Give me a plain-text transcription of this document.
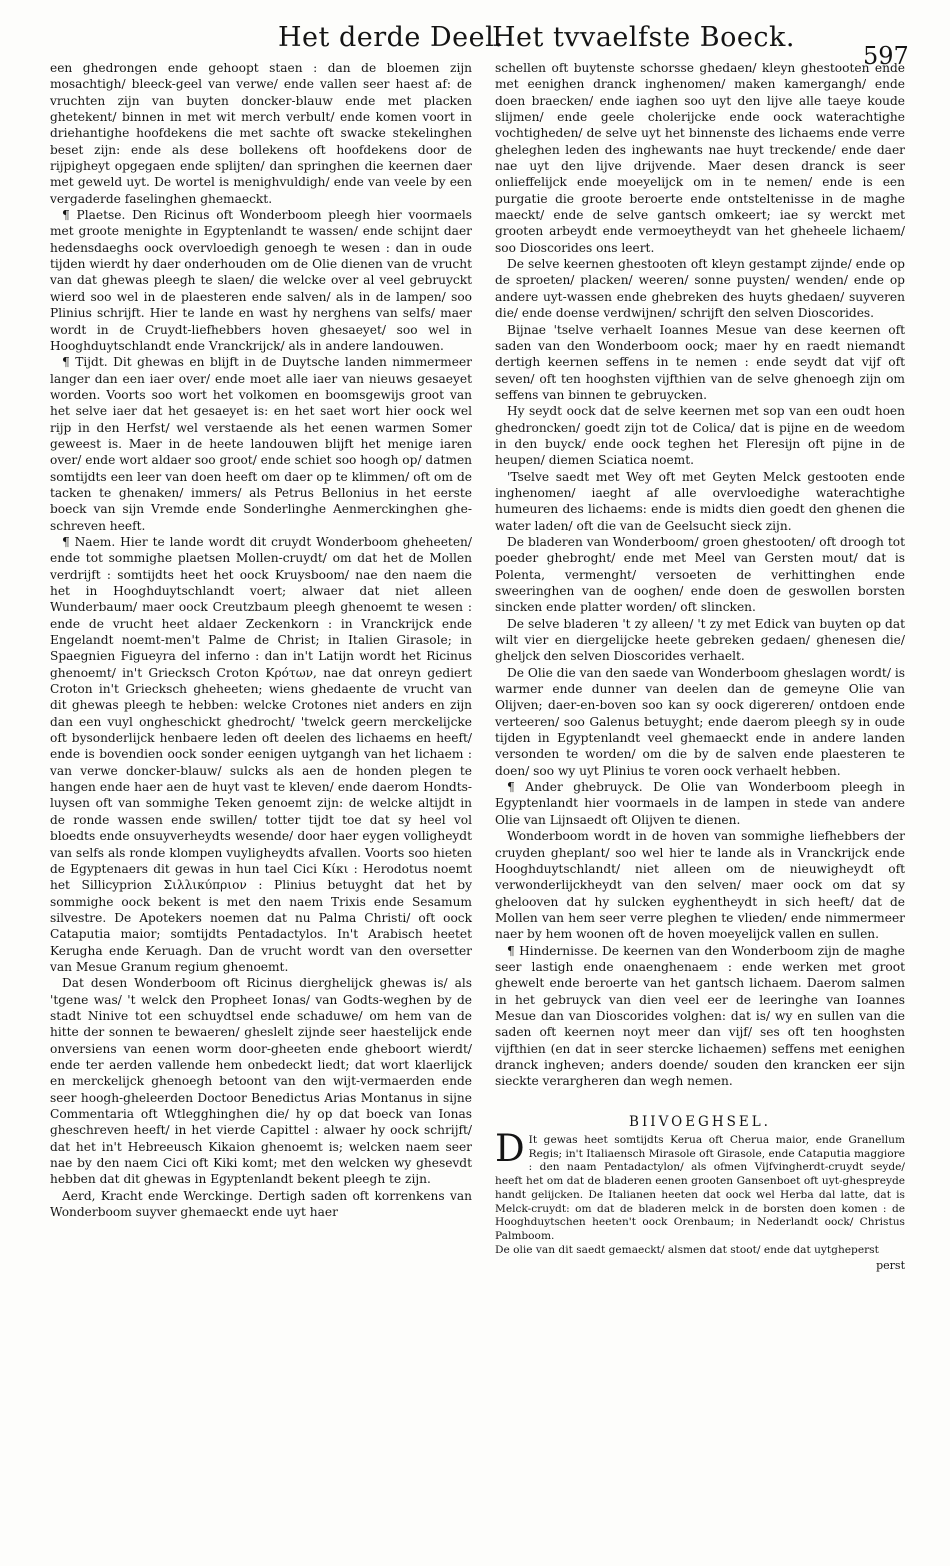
Het derde Deel.
Het tvvaelfste Boeck.
597

een ghedrongen ende gehoopt staen : dan de bloemen zijn mosachtigh/ bleeck-geel van verwe/ ende vallen seer haest af: de vruchten zijn van buyten doncker-blauw ende met placken ghetekent/ binnen in met wit merch verbult/ ende komen voort in driehantighe hoofdekens die met sachte oft swacke stekelinghen beset zijn: ende als dese bollekens oft hoofdekens door de rijpigheyt opgegaen ende splijten/ dan springhen die keernen daer met geweld uyt. De wortel is menighvuldigh/ ende van veele by een vergaderde faselinghen ghemaeckt.

¶ Plaetse. Den Ricinus oft Wonderboom pleegh hier voormaels met groote menighte in Egyptenlandt te wassen/ ende schijnt daer hedensdaeghs oock overvloedigh genoegh te wesen : dan in oude tijden wierdt hy daer onderhouden om de Olie dienen van de vrucht van dat ghewas pleegh te slaen/ die welcke over al veel gebruyckt wierd soo wel in de plaesteren ende salven/ als in de lampen/ soo Plinius schrijft. Hier te lande en wast hy nerghens van selfs/ maer wordt in de Cruydt-liefhebbers hoven ghesaeyet/ soo wel in Hooghduytschlandt ende Vranckrijck/ als in andere landouwen.

¶ Tijdt. Dit ghewas en blijft in de Duytsche landen nimmermeer langer dan een iaer over/ ende moet alle iaer van nieuws gesaeyet worden. Voorts soo wort het volkomen en boomsgewijs groot van het selve iaer dat het gesaeyet is: en het saet wort hier oock wel rijp in den Herfst/ wel verstaende als het eenen warmen Somer geweest is. Maer in de heete landouwen blijft het menige iaren over/ ende wort aldaer soo groot/ ende schiet soo hoogh op/ datmen somtijdts een leer van doen heeft om daer op te klimmen/ oft om de tacken te ghenaken/ immers/ als Petrus Bellonius in het eerste boeck van sijn Vremde ende Sonderlinghe Aenmerckinghen gheschreven heeft.

¶ Naem. Hier te lande wordt dit cruydt Wonderboom gheheeten/ ende tot sommighe plaetsen Mollen-cruydt/ om dat het de Mollen verdrijft : somtijdts heet het oock Kruysboom/ nae den naem die het in Hooghduytschlandt voert; alwaer dat niet alleen Wunderbaum/ maer oock Creutzbaum pleegh ghenoemt te wesen : ende de vrucht heet aldaer Zeckenkorn : in Vranckrijck ende Engelandt noemt-men't Palme de Christ; in Italien Girasole; in Spaegnien Figueyra del inferno : dan in't Latijn wordt het Ricinus ghenoemt/ in't Griecksch Croton Κρότων, nae dat onreyn gediert Croton in't Griecksch gheheeten; wiens ghedaente de vrucht van dit ghewas pleegh te hebben: welcke Crotones niet anders en zijn dan een vuyl ongheschickt ghedrocht/ 'twelck geern merckelijcke oft bysonderlijck henbaere leden oft deelen des lichaems en heeft/ ende is bovendien oock sonder eenigen uytgangh van het lichaem : van verwe doncker-blauw/ sulcks als aen de honden plegen te hangen ende haer aen de huyt vast te kleven/ ende daerom Hondts-luysen oft van sommighe Teken genoemt zijn: de welcke altijdt in de ronde wassen ende swillen/ totter tijdt toe dat sy heel vol bloedts ende onsuyverheydts wesende/ door haer eygen volligheydt van selfs als ronde klompen vuyligheydts afvallen. Voorts soo hieten de Egyptenaers dit gewas in hun tael Cici Κίκι : Herodotus noemt het Sillicyprion Σιλλικύπριον : Plinius betuyght dat het by sommighe oock bekent is met den naem Trixis ende Sesamum silvestre. De Apotekers noemen dat nu Palma Christi/ oft oock Cataputia maior; somtijdts Pentadactylos. In't Arabisch heetet Kerugha ende Keruagh. Dan de vrucht wordt van den oversetter van Mesue Granum regium ghenoemt.

Dat desen Wonderboom oft Ricinus dierghelijck ghewas is/ als 'tgene was/ 't welck den Propheet Ionas/ van Godts-weghen by de stadt Ninive tot een schuydtsel ende schaduwe/ om hem van de hitte der sonnen te bewaeren/ gheslelt zijnde seer haestelijck ende onversiens van eenen worm door-gheeten ende gheboort wierdt/ ende ter aerden vallende hem onbedeckt liedt; dat wort klaerlijck en merckelijck ghenoegh betoont van den wijt-vermaerden ende seer hoogh-gheleerden Doctoor Benedictus Arias Montanus in sijne Commentaria oft Wtlegghinghen die/ hy op dat boeck van Ionas gheschreven heeft/ in het vierde Capittel : alwaer hy oock schrijft/ dat het in't Hebreeusch Kikaion ghenoemt is; welcken naem seer nae by den naem Cici oft Kiki komt; met den welcken wy ghesevdt hebben dat dit ghewas in Egyptenlandt bekent pleegh te zijn.

Aerd, Kracht ende Werckinge. Dertigh saden oft korrenkens van Wonderboom suyver ghemaeckt ende uyt haer

schellen oft buytenste schorsse ghedaen/ kleyn ghestooten ende met eenighen dranck inghenomen/ maken kamergangh/ ende doen braecken/ ende iaghen soo uyt den lijve alle taeye koude slijmen/ ende geele cholerijcke ende oock waterachtighe vochtigheden/ de selve uyt het binnenste des lichaems ende verre gheleghen leden des inghewants nae huyt treckende/ ende daer nae uyt den lijve drijvende. Maer desen dranck is seer onlieffelijck ende moeyelijck om in te nemen/ ende is een purgatie die groote beroerte ende ontsteltenisse in de maghe maeckt/ ende de selve gantsch omkeert; iae sy werckt met grooten arbeydt ende vermoeytheydt van het gheheele lichaem/ soo Dioscorides ons leert.

De selve keernen ghestooten oft kleyn gestampt zijnde/ ende op de sproeten/ placken/ weeren/ sonne puysten/ wenden/ ende op andere uyt-wassen ende ghebreken des huyts ghedaen/ suyveren die/ ende doense verdwijnen/ schrijft den selven Dioscorides.

Bijnae 'tselve verhaelt Ioannes Mesue van dese keernen oft saden van den Wonderboom oock; maer hy en raedt niemandt dertigh keernen seffens in te nemen : ende seydt dat vijf oft seven/ oft ten hooghsten vijfthien van de selve ghenoegh zijn om seffens van binnen te gebruycken.

Hy seydt oock dat de selve keernen met sop van een oudt hoen ghedroncken/ goedt zijn tot de Colica/ dat is pijne en de weedom in den buyck/ ende oock teghen het Fleresijn oft pijne in de heupen/ diemen Sciatica noemt.

'Tselve saedt met Wey oft met Geyten Melck gestooten ende inghenomen/ iaeght af alle overvloedighe waterachtighe humeuren des lichaems: ende is midts dien goedt den ghenen die water laden/ oft die van de Geelsucht sieck zijn.

De bladeren van Wonderboom/ groen ghestooten/ oft droogh tot poeder ghebroght/ ende met Meel van Gersten mout/ dat is Polenta, vermenght/ versoeten de verhittinghen ende sweeringhen van de ooghen/ ende doen de geswollen borsten sincken ende platter worden/ oft slincken.

De selve bladeren 't zy alleen/ 't zy met Edick van buyten op dat wilt vier en diergelijcke heete gebreken gedaen/ ghenesen die/ gheljck den selven Dioscorides verhaelt.

De Olie die van den saede van Wonderboom gheslagen wordt/ is warmer ende dunner van deelen dan de gemeyne Olie van Olijven; daer-en-boven soo kan sy oock digereren/ ontdoen ende verteeren/ soo Galenus betuyght; ende daerom pleegh sy in oude tijden in Egyptenlandt veel ghemaeckt ende in andere landen versonden te worden/ om die by de salven ende plaesteren te doen/ soo wy uyt Plinius te voren oock verhaelt hebben.

¶ Ander ghebruyck. De Olie van Wonderboom pleegh in Egyptenlandt hier voormaels in de lampen in stede van andere Olie van Lijnsaedt oft Olijven te dienen.

Wonderboom wordt in de hoven van sommighe liefhebbers der cruyden gheplant/ soo wel hier te lande als in Vranckrijck ende Hooghduytschlandt/ niet alleen om de nieuwigheydt oft verwonderlijckheydt van den selven/ maer oock om dat sy ghelooven dat hy sulcken eyghentheydt in sich heeft/ dat de Mollen van hem seer verre pleghen te vlieden/ ende nimmermeer naer by hem woonen oft de hoven moeyelijck vallen en sullen.

¶ Hindernisse. De keernen van den Wonderboom zijn de maghe seer lastigh ende onaenghenaem : ende werken met groot ghewelt ende beroerte van het gantsch lichaem. Daerom salmen in het gebruyck van dien veel eer de leeringhe van Ioannes Mesue dan van Dioscorides volghen: dat is/ wy en sullen van die saden oft keernen noyt meer dan vijf/ ses oft ten hooghsten vijfthien (en dat in seer stercke lichaemen) seffens met eenighen dranck ingheven; anders doende/ souden den krancken eer sijn sieckte verargheren dan wegh nemen.

BIIVOEGHSEL.

D It gewas heet somtijdts Kerua oft Cherua maior, ende Granellum Regis; in't Italiaensch Mirasole oft Girasole, ende Cataputia maggiore : den naam Pentadactylon/ als ofmen Vijfvingherdt-cruydt seyde/ heeft het om dat de bladeren eenen grooten Gansenboet oft uyt-ghespreyde handt gelijcken. De Italianen heeten dat oock wel Herba dal latte, dat is Melck-cruydt: om dat de bladeren melck in de borsten doen komen : de Hooghduytschen heeten't oock Orenbaum; in Nederlandt oock/ Christus Palmboom.

De olie van dit saedt gemaeckt/ alsmen dat stoot/ ende dat uytgheperst

perst
